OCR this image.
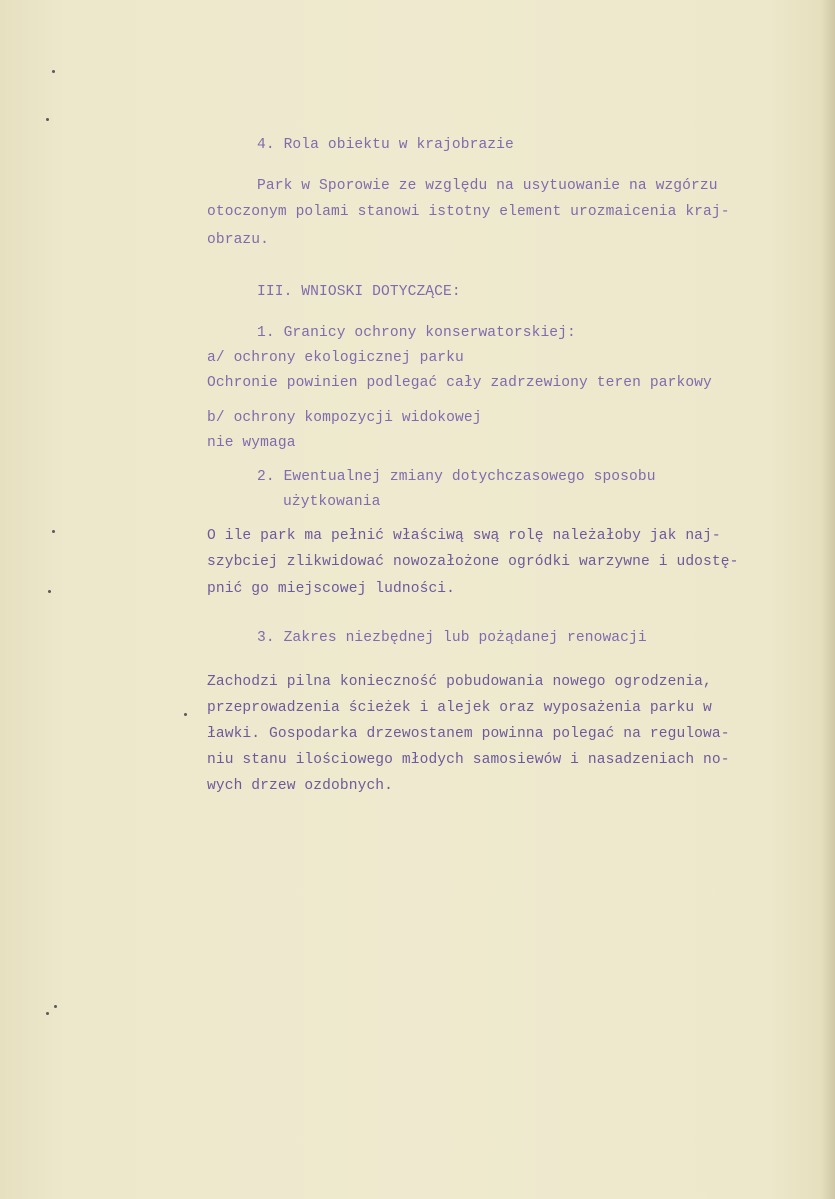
4. Rola obiektu w krajobrazie
Park w Sporowie ze względu na usytuowanie na wzgórzu
otoczonym polami stanowi istotny element urozmaicenia kraj-
obrazu.
III. WNIOSKI DOTYCZĄCE:
1. Granicy ochrony konserwatorskiej:
a/ ochrony ekologicznej parku
Ochronie powinien podlegać cały zadrzewiony teren parkowy
b/ ochrony kompozycji widokowej
nie wymaga
2. Ewentualnej zmiany dotychczasowego sposobu
użytkowania
O ile park ma pełnić właściwą swą rolę należałoby jak naj-
szybciej zlikwidować nowozałożone ogródki warzywne i udostę-
pnić go miejscowej ludności.
3. Zakres niezbędnej lub pożądanej renowacji
Zachodzi pilna konieczność pobudowania nowego ogrodzenia,
przeprowadzenia ścieżek i alejek oraz wyposażenia parku w
ławki. Gospodarka drzewostanem powinna polegać na regulowa-
niu stanu ilościowego młodych samosiewów i nasadzeniach no-
wych drzew ozdobnych.
